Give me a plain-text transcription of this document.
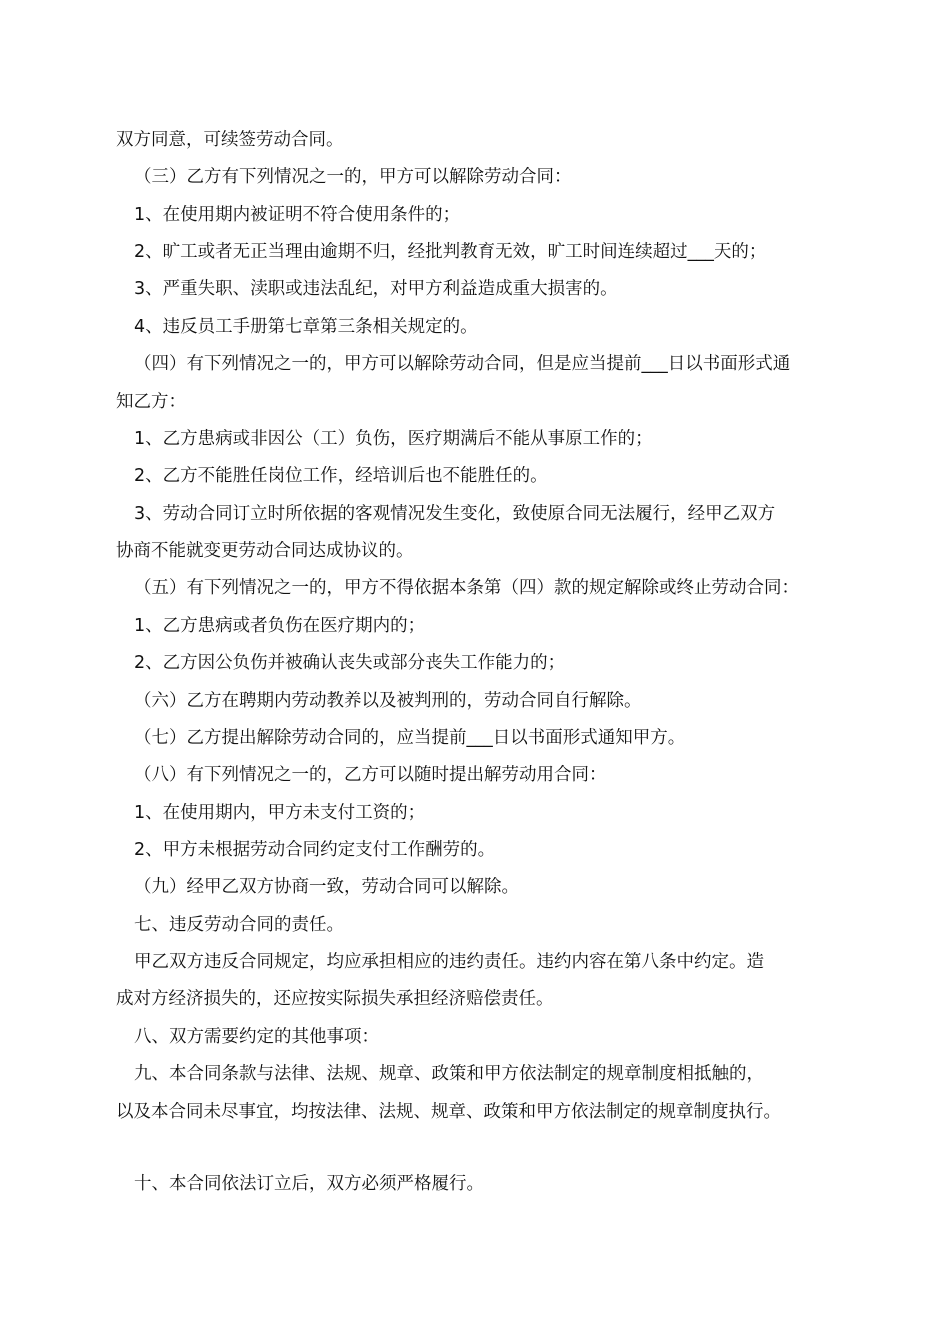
双方同意，可续签劳动合同。
（三）乙方有下列情况之一的，甲方可以解除劳动合同：
1、在使用期内被证明不符合使用条件的；
2、旷工或者无正当理由逾期不归，经批判教育无效，旷工时间连续超过___天的；
3、严重失职、渎职或违法乱纪，对甲方利益造成重大损害的。
4、违反员工手册第七章第三条相关规定的。
（四）有下列情况之一的，甲方可以解除劳动合同，但是应当提前___日以书面形式通
知乙方：
1、乙方患病或非因公（工）负伤，医疗期满后不能从事原工作的；
2、乙方不能胜任岗位工作，经培训后也不能胜任的。
3、劳动合同订立时所依据的客观情况发生变化，致使原合同无法履行，经甲乙双方
协商不能就变更劳动合同达成协议的。
（五）有下列情况之一的，甲方不得依据本条第（四）款的规定解除或终止劳动合同：
1、乙方患病或者负伤在医疗期内的；
2、乙方因公负伤并被确认丧失或部分丧失工作能力的；
（六）乙方在聘期内劳动教养以及被判刑的，劳动合同自行解除。
（七）乙方提出解除劳动合同的，应当提前___日以书面形式通知甲方。
（八）有下列情况之一的，乙方可以随时提出解劳动用合同：
1、在使用期内，甲方未支付工资的；
2、甲方未根据劳动合同约定支付工作酬劳的。
（九）经甲乙双方协商一致，劳动合同可以解除。
七、违反劳动合同的责任。
甲乙双方违反合同规定，均应承担相应的违约责任。违约内容在第八条中约定。造
成对方经济损失的，还应按实际损失承担经济赔偿责任。
八、双方需要约定的其他事项：
九、本合同条款与法律、法规、规章、政策和甲方依法制定的规章制度相抵触的，
以及本合同未尽事宜，均按法律、法规、规章、政策和甲方依法制定的规章制度执行。
十、本合同依法订立后，双方必须严格履行。
